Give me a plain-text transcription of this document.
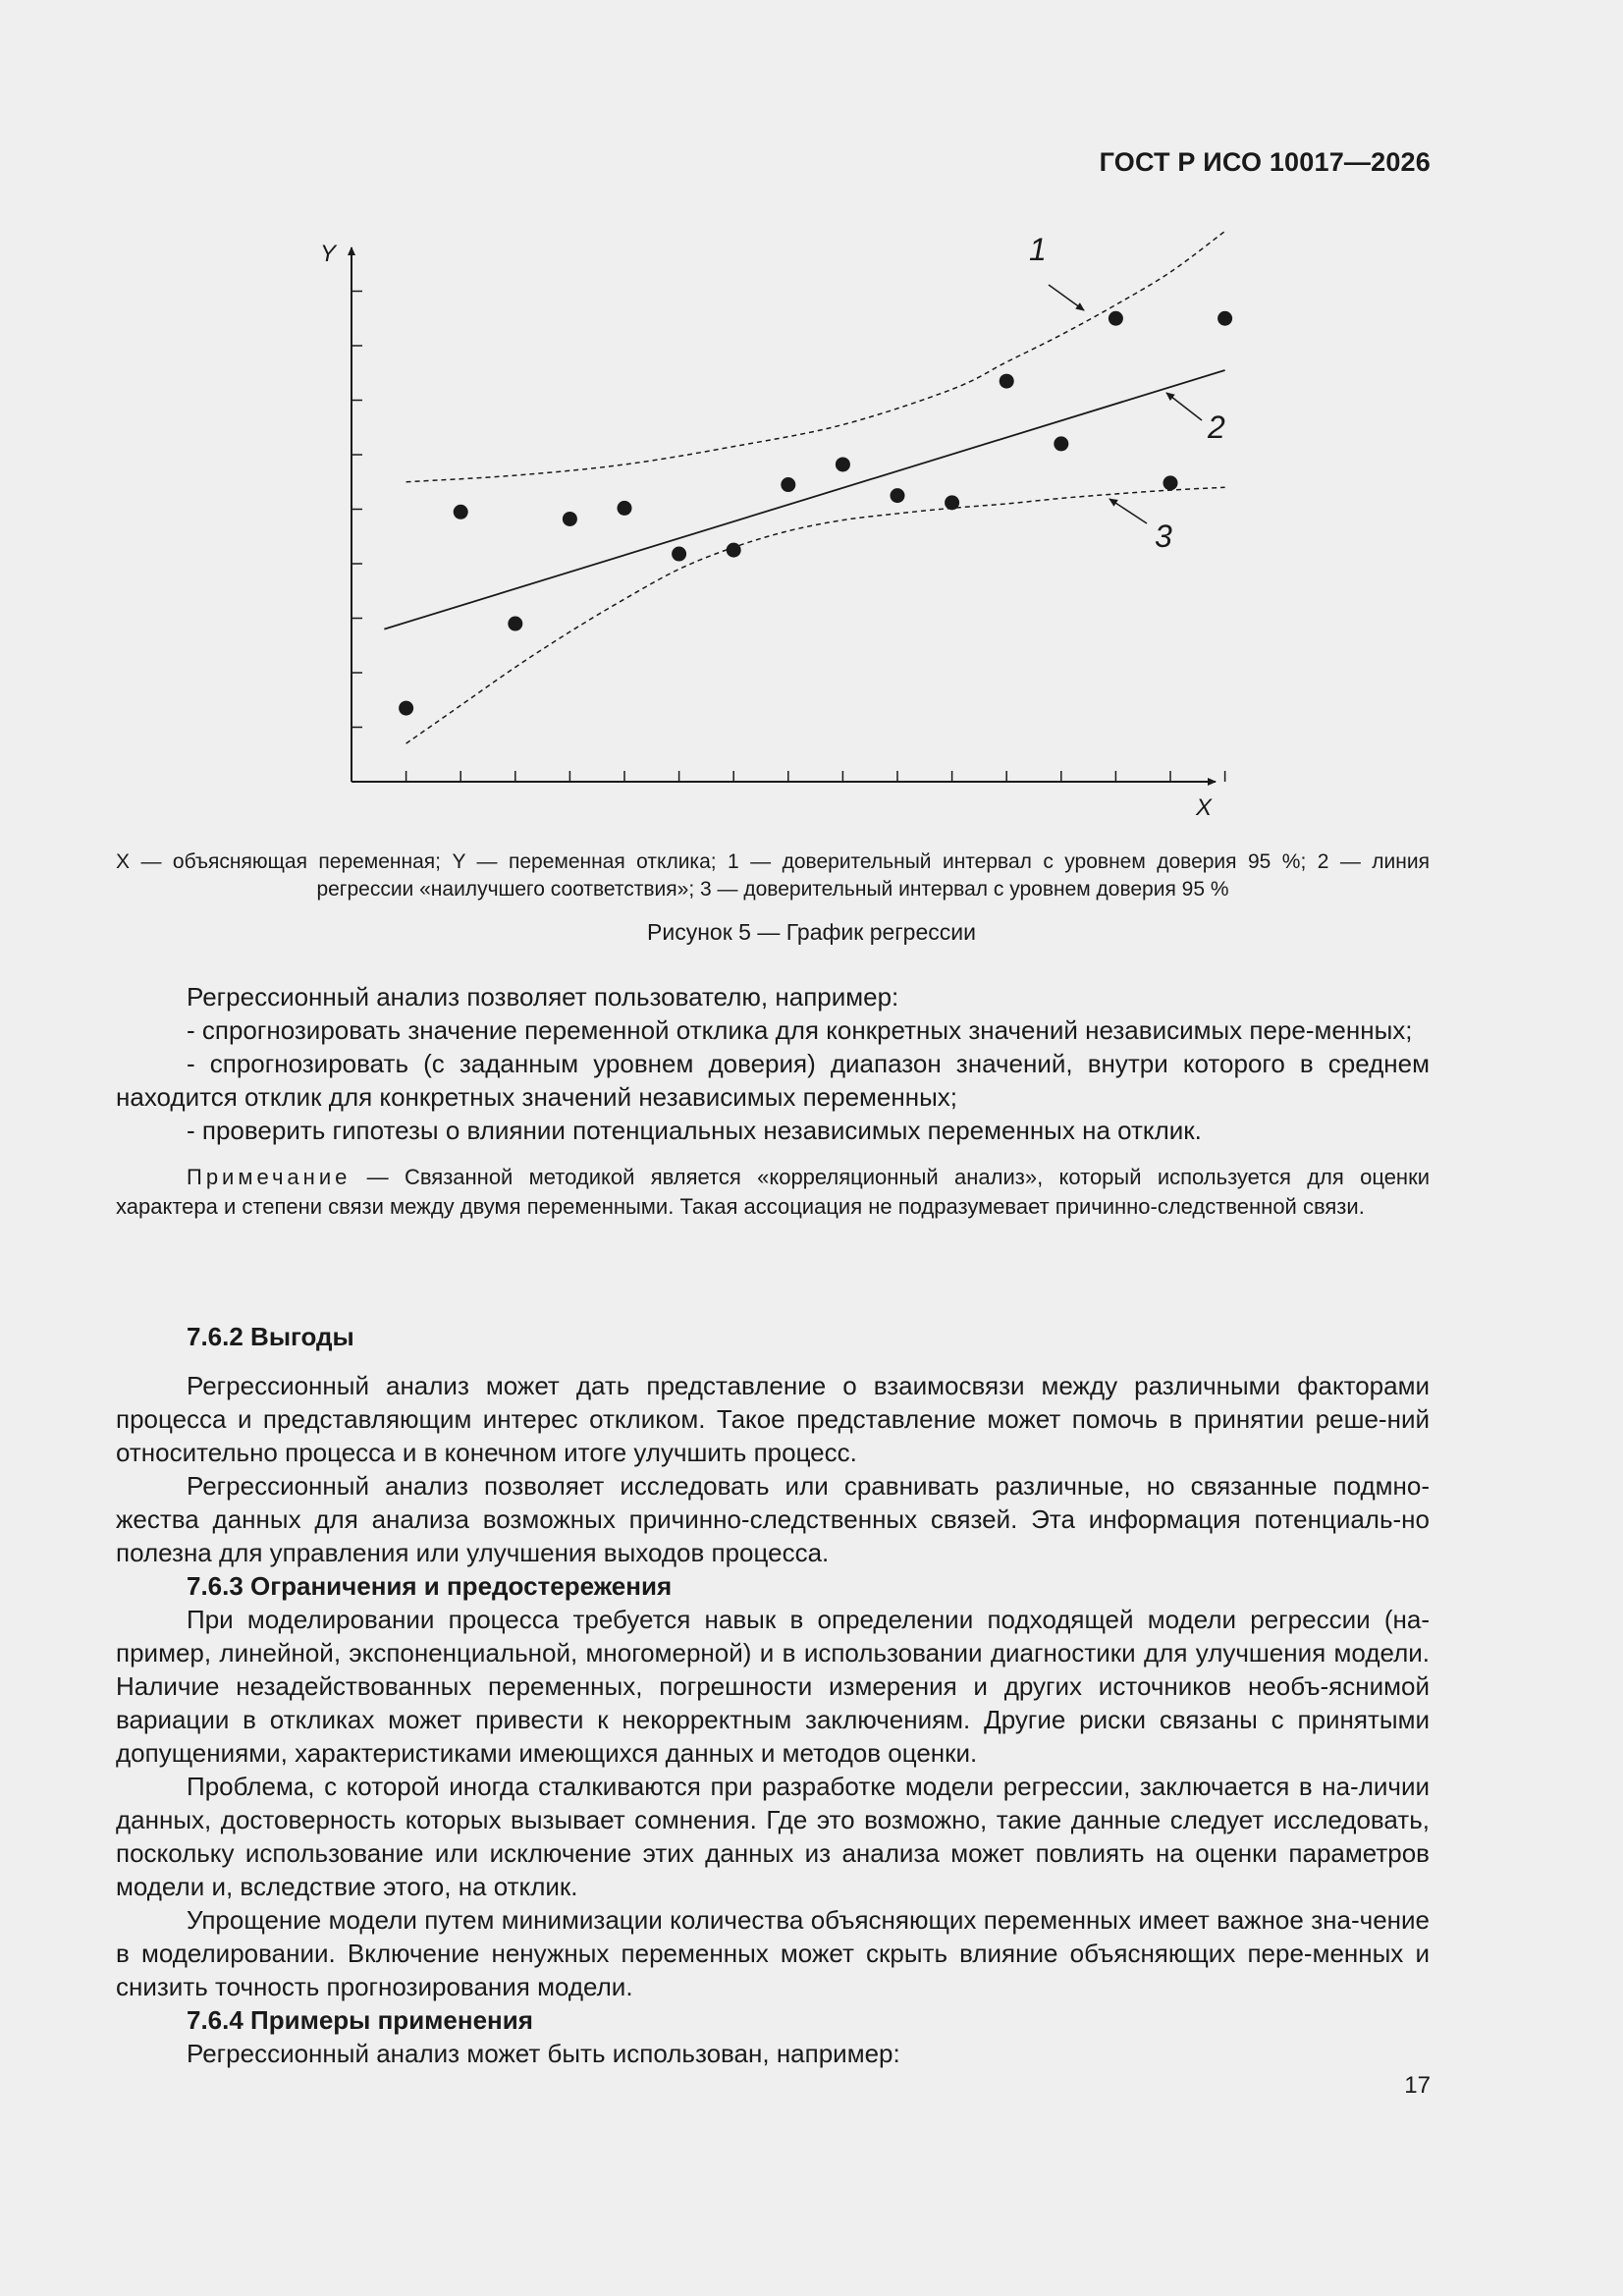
ГОСТ Р ИСО 10017—2026
Y
X
1
2
3
X — объясняющая переменная; Y — переменная отклика; 1 — доверительный интервал с уровнем доверия 95 %; 2 — линия
регрессии «наилучшего соответствия»; 3 — доверительный интервал с уровнем доверия 95 %
Рисунок 5 — График регрессии

Регрессионный анализ позволяет пользователю, например:

- спрогнозировать значение переменной отклика для конкретных значений независимых пере-менных;

- спрогнозировать (с заданным уровнем доверия) диапазон значений, внутри которого в среднем находится отклик для конкретных значений независимых переменных;

- проверить гипотезы о влиянии потенциальных независимых переменных на отклик.

Примечание — Связанной методикой является «корреляционный анализ», который используется для оценки характера и степени связи между двумя переменными. Такая ассоциация не подразумевает причинно-следственной связи.

7.6.2 Выгоды

Регрессионный анализ может дать представление о взаимосвязи между различными факторами процесса и представляющим интерес откликом. Такое представление может помочь в принятии реше-ний относительно процесса и в конечном итоге улучшить процесс.

Регрессионный анализ позволяет исследовать или сравнивать различные, но связанные подмно-жества данных для анализа возможных причинно-следственных связей. Эта информация потенциаль-но полезна для управления или улучшения выходов процесса.

7.6.3 Ограничения и предостережения

При моделировании процесса требуется навык в определении подходящей модели регрессии (на-пример, линейной, экспоненциальной, многомерной) и в использовании диагностики для улучшения модели. Наличие незадействованных переменных, погрешности измерения и других источников необъ-яснимой вариации в откликах может привести к некорректным заключениям. Другие риски связаны с принятыми допущениями, характеристиками имеющихся данных и методов оценки.

Проблема, с которой иногда сталкиваются при разработке модели регрессии, заключается в на-личии данных, достоверность которых вызывает сомнения. Где это возможно, такие данные следует исследовать, поскольку использование или исключение этих данных из анализа может повлиять на оценки параметров модели и, вследствие этого, на отклик.

Упрощение модели путем минимизации количества объясняющих переменных имеет важное зна-чение в моделировании. Включение ненужных переменных может скрыть влияние объясняющих пере-менных и снизить точность прогнозирования модели.

7.6.4 Примеры применения

Регрессионный анализ может быть использован, например:

17
